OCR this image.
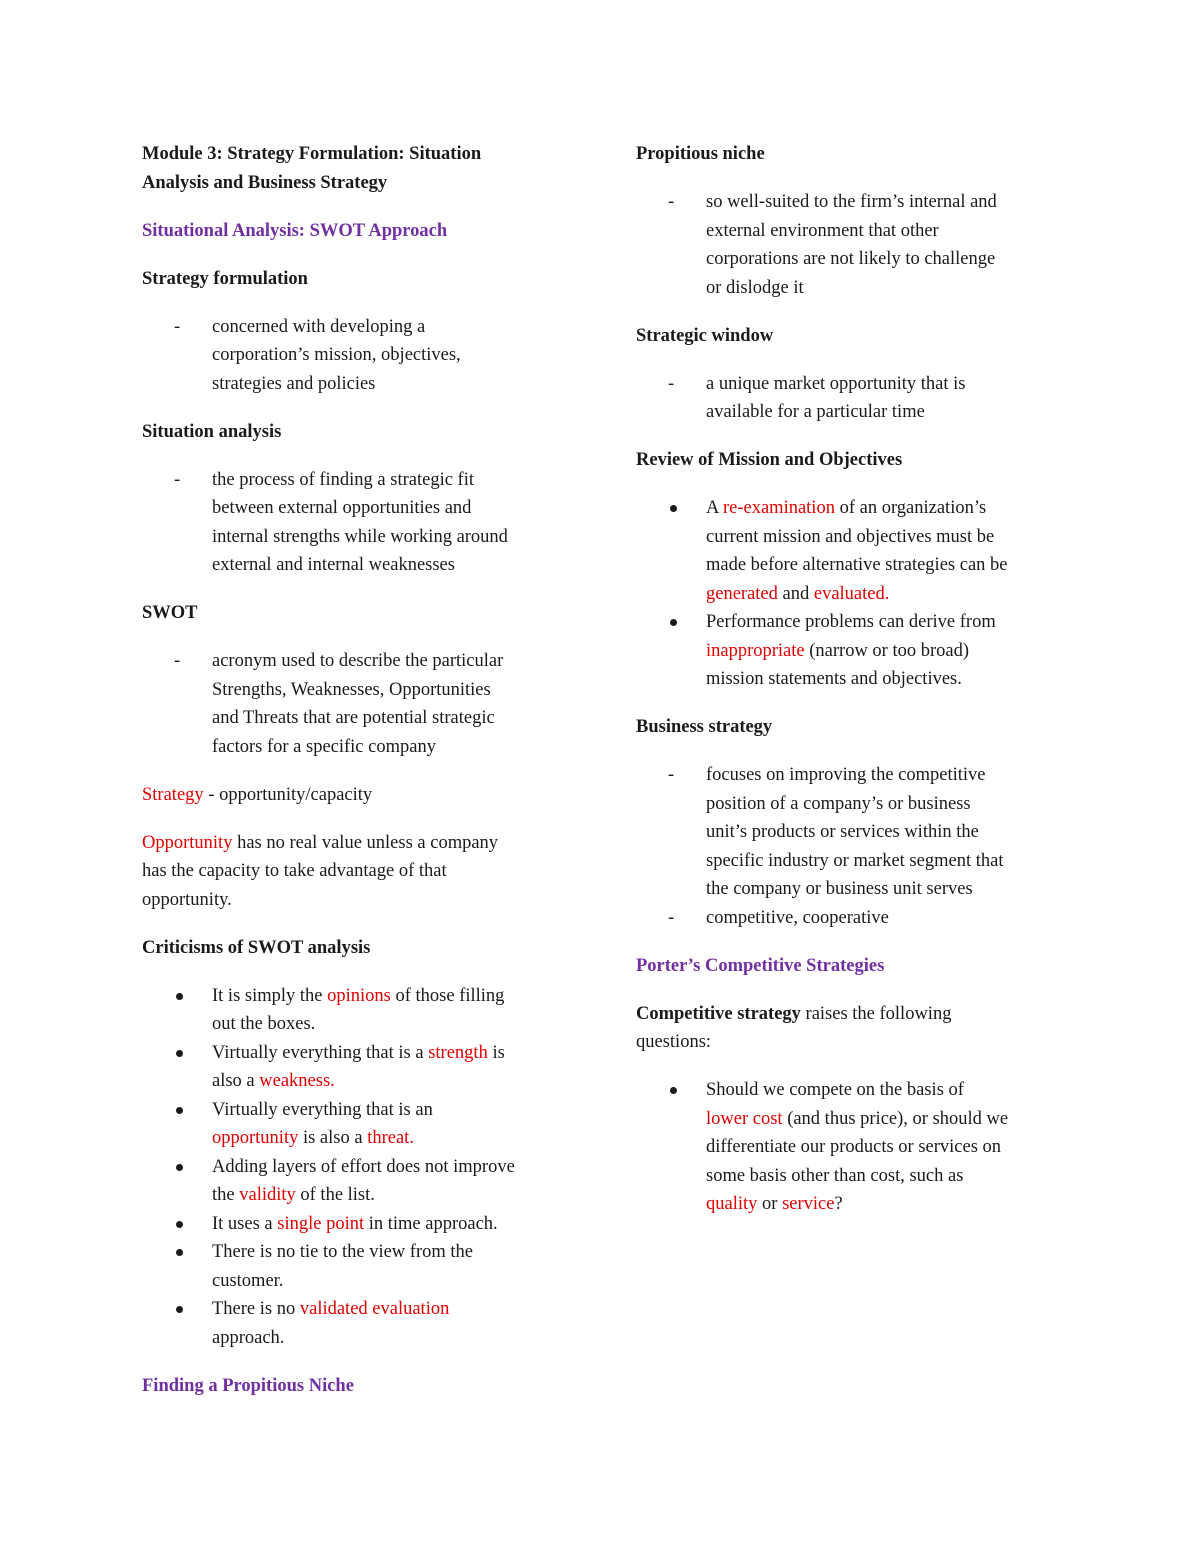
Module 3: Strategy Formulation: Situation

Analysis and Business Strategy

Situational Analysis: SWOT Approach

Strategy formulation

- concerned with developing a

corporation’s mission, objectives,

strategies and policies

Situation analysis

- the process of finding a strategic fit

between external opportunities and

internal strengths while working around

external and internal weaknesses

SWOT

- acronym used to describe the particular

Strengths, Weaknesses, Opportunities

and Threats that are potential strategic

factors for a specific company

Strategy - opportunity/capacity

Opportunity has no real value unless a company

has the capacity to take advantage of that

opportunity.

Criticisms of SWOT analysis

It is simply the opinions of those filling

out the boxes.

Virtually everything that is a strength is

also a weakness.

Virtually everything that is an

opportunity is also a threat.

Adding layers of effort does not improve

the validity of the list.

It uses a single point in time approach.

There is no tie to the view from the

customer.

There is no validated evaluation

approach.

Finding a Propitious Niche

Propitious niche

- so well-suited to the firm’s internal and

external environment that other

corporations are not likely to challenge

or dislodge it

Strategic window

- a unique market opportunity that is

available for a particular time

Review of Mission and Objectives

A re-examination of an organization’s

current mission and objectives must be

made before alternative strategies can be

generated and evaluated.

Performance problems can derive from

inappropriate (narrow or too broad)

mission statements and objectives.

Business strategy

- focuses on improving the competitive

position of a company’s or business

unit’s products or services within the

specific industry or market segment that

the company or business unit serves

- competitive, cooperative

Porter’s Competitive Strategies

Competitive strategy raises the following

questions:

Should we compete on the basis of

lower cost (and thus price), or should we

differentiate our products or services on

some basis other than cost, such as

quality or service?
